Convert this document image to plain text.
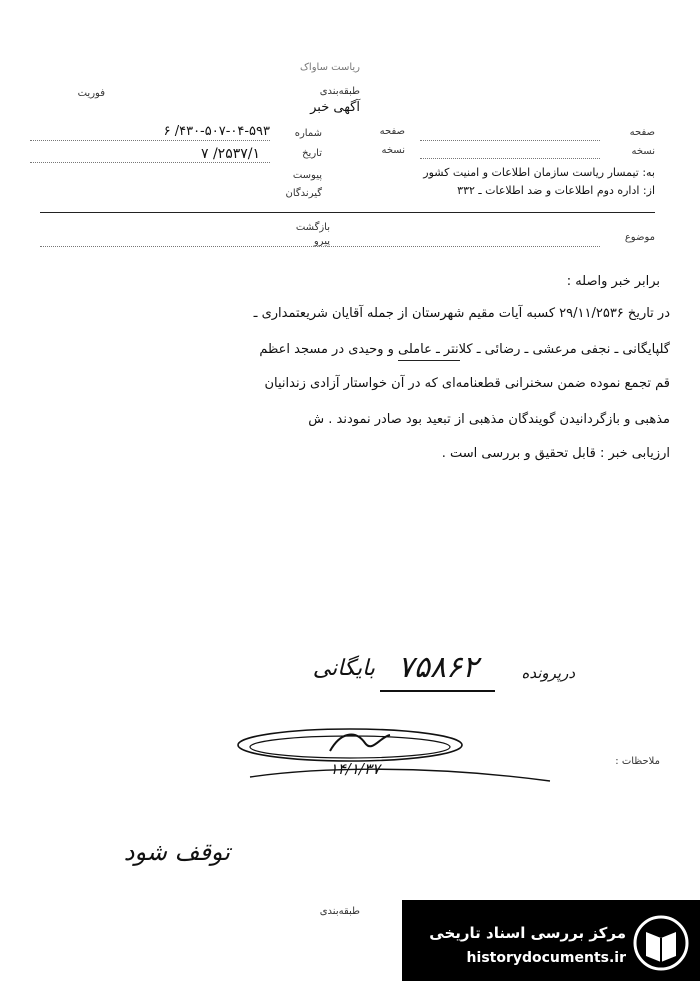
ریاست ساواک
طبقه‌بندی
آگهی خبر
فوریت
صفحه
نسخه
صفحه
نسخه
شماره
۴۳۰-۵۰۷-۰۴-۵۹۳/ ۶
تاریخ
۲۵۳۷/۱/ ۷
پیوست
گیرندگان
به: تیمسار ریاست سازمان اطلاعات و امنیت کشور
از: اداره دوم اطلاعات و ضد اطلاعات ـ ۳۳۲
بازگشت
پیرو	موضوع
برابر خبر واصله :
در تاریخ ۲۹/۱۱/۲۵۳۶ کسبه آیات مقیم شهرستان از جمله آقایان شریعتمداری ـ
گلپایگانی ـ نجفی مرعشی ـ رضائی ـ کلانتر ـ عاملی و وحیدی در مسجد اعظم
قم تجمع نموده ضمن سخنرانی قطعنامه‌ای که در آن خواستار آزادی زندانیان
مذهبی و بازگردانیدن گویندگان مذهبی از تبعید بود صادر نمودند . ش
ارزیابی خبر : قابل تحقیق و بررسی است .
۷۵۸۶۲
بایگانی	درپرونده
۱۴/۱/۳۷	ملاحظات :
توقف شود
طبقه‌بندی
مرکز بررسی اسناد تاریخی
historydocuments.ir
